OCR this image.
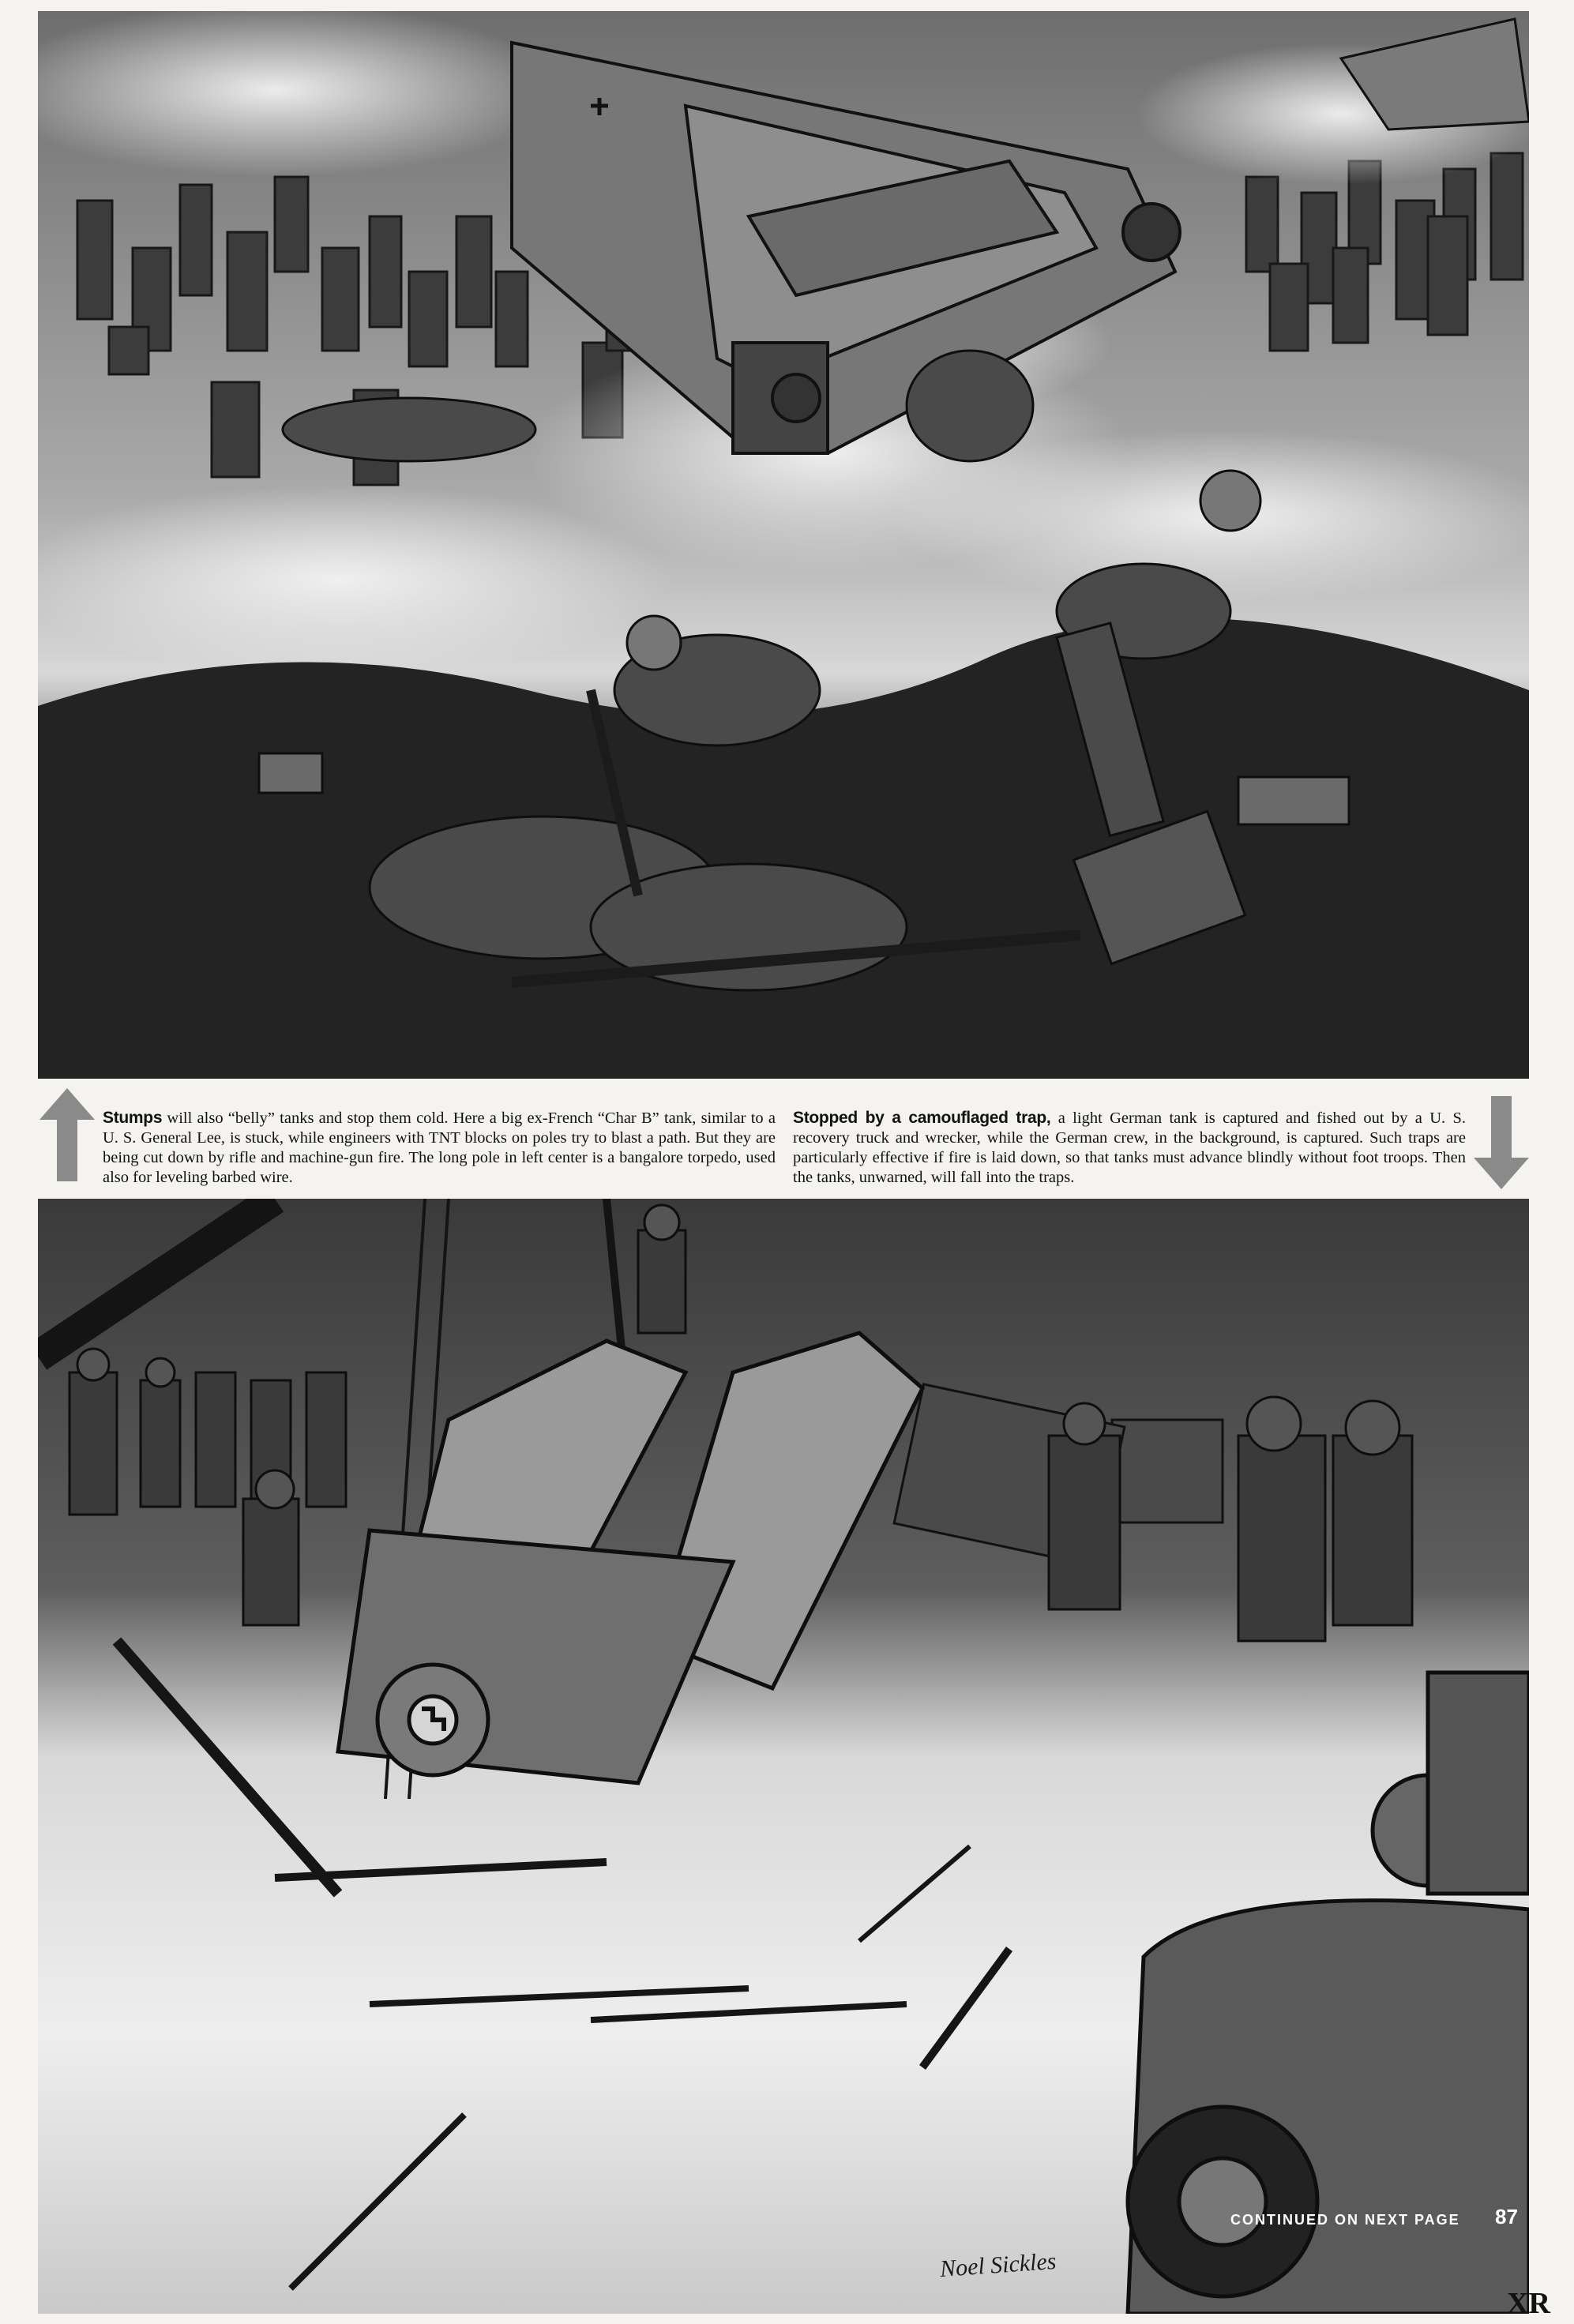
Stumps will also “belly” tanks and stop them cold. Here a big ex-French “Char B” tank, similar to a U. S. General Lee, is stuck, while engineers with TNT blocks on poles try to blast a path. But they are being cut down by rifle and machine-gun fire. The long pole in left center is a bangalore torpedo, used also for leveling barbed wire.

Stopped by a camouflaged trap, a light German tank is captured and fished out by a U. S. recovery truck and wrecker, while the German crew, in the background, is captured. Such traps are particularly effective if fire is laid down, so that tanks must advance blindly without foot troops. Then the tanks, unwarned, will fall into the traps.

CONTINUED ON NEXT PAGE 87
Noel Sickles
XR
